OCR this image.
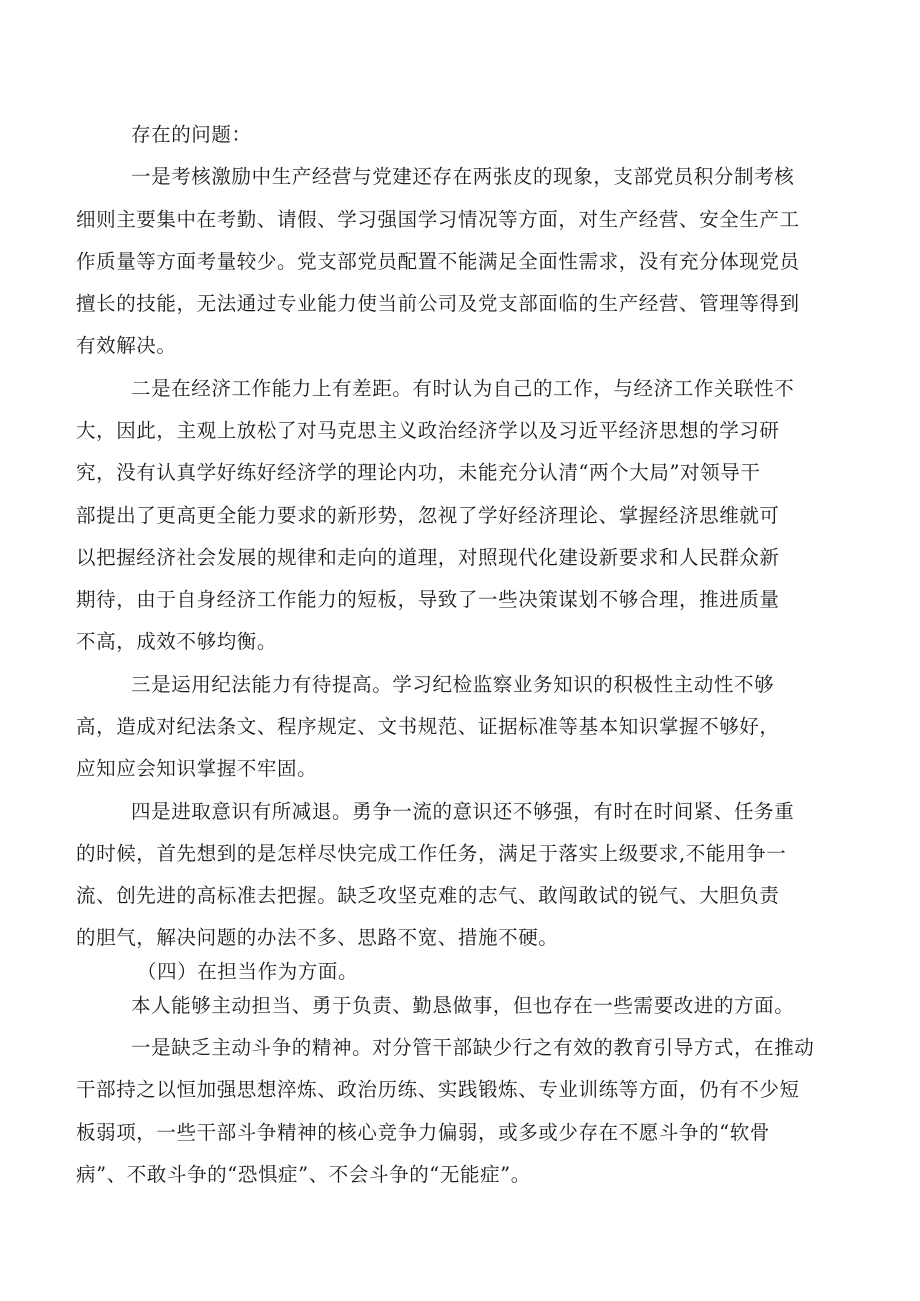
存在的问题：
一是考核激励中生产经营与党建还存在两张皮的现象，支部党员积分制考核
细则主要集中在考勤、请假、学习强国学习情况等方面，对生产经营、安全生产工
作质量等方面考量较少。党支部党员配置不能满足全面性需求，没有充分体现党员
擅长的技能，无法通过专业能力使当前公司及党支部面临的生产经营、管理等得到
有效解决。
二是在经济工作能力上有差距。有时认为自己的工作，与经济工作关联性不
大，因此，主观上放松了对马克思主义政治经济学以及习近平经济思想的学习研
究，没有认真学好练好经济学的理论内功，未能充分认清“两个大局”对领导干
部提出了更高更全能力要求的新形势，忽视了学好经济理论、掌握经济思维就可
以把握经济社会发展的规律和走向的道理，对照现代化建设新要求和人民群众新
期待，由于自身经济工作能力的短板，导致了一些决策谋划不够合理，推进质量
不高，成效不够均衡。
三是运用纪法能力有待提高。学习纪检监察业务知识的积极性主动性不够
高，造成对纪法条文、程序规定、文书规范、证据标准等基本知识掌握不够好，
应知应会知识掌握不牢固。
四是进取意识有所减退。勇争一流的意识还不够强，有时在时间紧、任务重
的时候，首先想到的是怎样尽快完成工作任务，满足于落实上级要求,不能用争一
流、创先进的高标准去把握。缺乏攻坚克难的志气、敢闯敢试的锐气、大胆负责
的胆气，解决问题的办法不多、思路不宽、措施不硬。
（四）在担当作为方面。
本人能够主动担当、勇于负责、勤恳做事，但也存在一些需要改进的方面。
一是缺乏主动斗争的精神。对分管干部缺少行之有效的教育引导方式，在推动
干部持之以恒加强思想淬炼、政治历练、实践锻炼、专业训练等方面，仍有不少短
板弱项，一些干部斗争精神的核心竞争力偏弱，或多或少存在不愿斗争的“软骨
病”、不敢斗争的“恐惧症”、不会斗争的“无能症”。
